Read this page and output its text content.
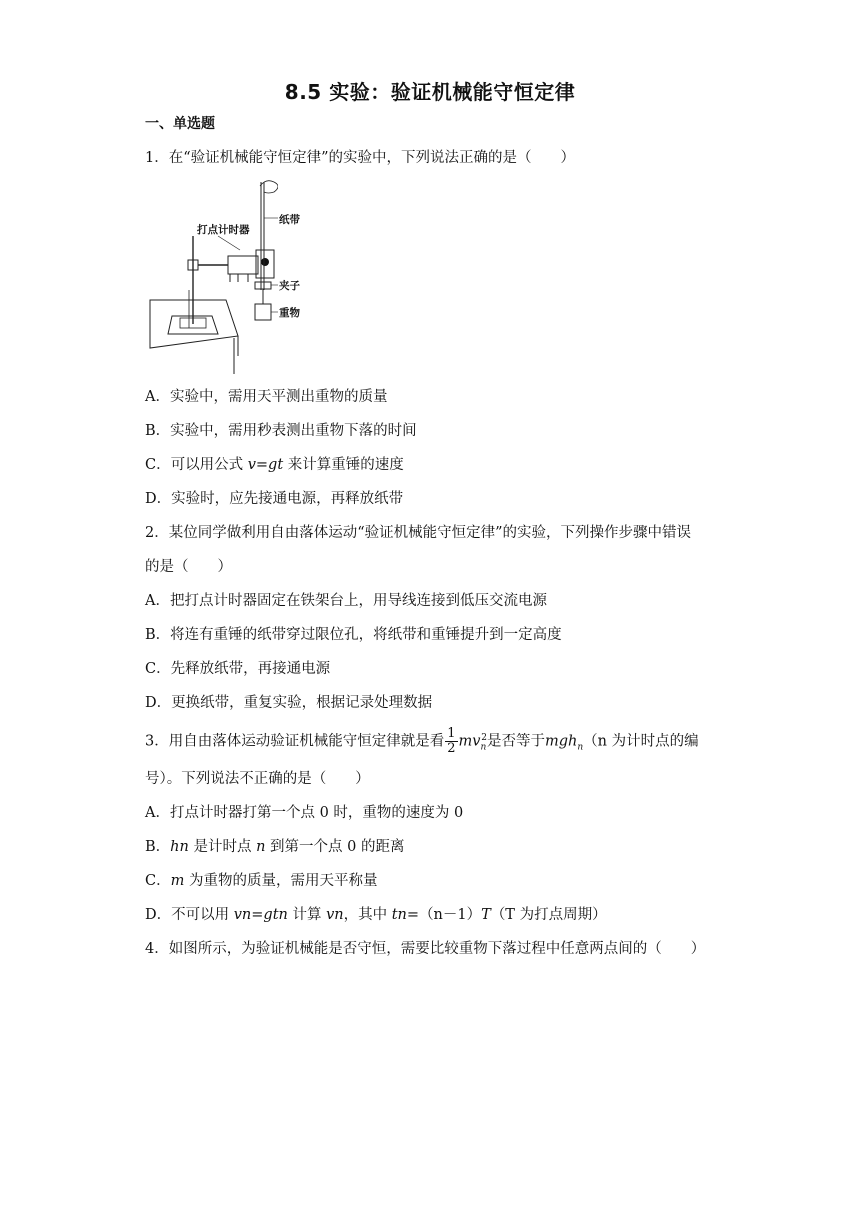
8.5 实验：验证机械能守恒定律
一、单选题
1．在“验证机械能守恒定律”的实验中，下列说法正确的是（　　）
打点计时器
纸带
夹子
重物
A．实验中，需用天平测出重物的质量
B．实验中，需用秒表测出重物下落的时间
C．可以用公式 v=gt 来计算重锤的速度
D．实验时，应先接通电源，再释放纸带
2．某位同学做利用自由落体运动“验证机械能守恒定律”的实验，下列操作步骤中错误
的是（　　）
A．把打点计时器固定在铁架台上，用导线连接到低压交流电源
B．将连有重锤的纸带穿过限位孔，将纸带和重锤提升到一定高度
C．先释放纸带，再接通电源
D．更换纸带，重复实验，根据记录处理数据
3．用自由落体运动验证机械能守恒定律就是看 $\frac{1}{2} mv_n^2$是否等于mgh$_n$（n 为计时点的编
号）。下列说法不正确的是（　　）
A．打点计时器打第一个点 0 时，重物的速度为 0
B．hn 是计时点 n 到第一个点 0 的距离
C．m 为重物的质量，需用天平称量
D．不可以用 vn=gtn 计算 vn，其中 tn=（n－1）T（T 为打点周期）
4．如图所示，为验证机械能是否守恒，需要比较重物下落过程中任意两点间的（　　）
